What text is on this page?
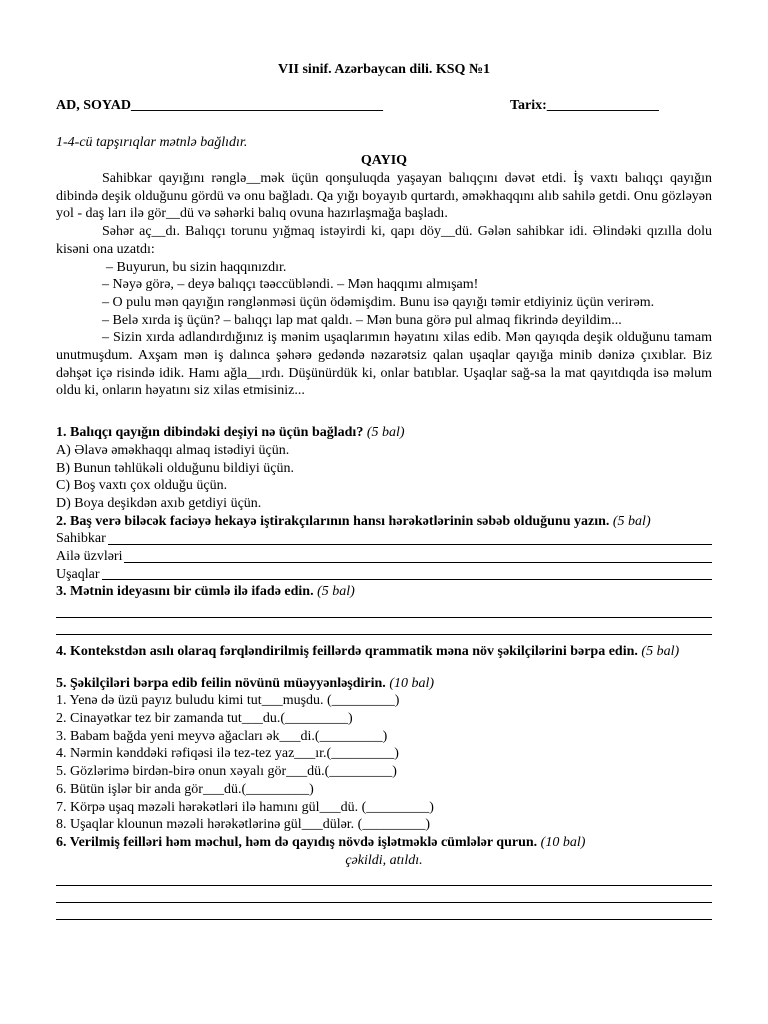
VII sinif. Azərbaycan dili. KSQ №1
AD, SOYAD____________________________________	Tarix:________________
1-4-cü tapşırıqlar mətnlə bağlıdır.
QAYIQ

Sahibkar qayığını rənglə__mək üçün qonşuluqda yaşayan balıqçını dəvət etdi. İş vaxtı balıqçı qayığın dibində deşik olduğunu gördü və onu bağladı. Qa yığı boyayıb qurtardı, əməkhaqqını alıb sahilə getdi. Onu gözləyən yol - daş ları ilə gör__dü və səhərki balıq ovuna hazırlaşmağa başladı.

Səhər aç__dı. Balıqçı torunu yığmaq istəyirdi ki, qapı döy__dü. Gələn sahibkar idi. Əlindəki qızılla dolu kisəni ona uzatdı:

– Buyurun, bu sizin haqqınızdır.

– Nəyə görə, – deyə balıqçı təəccübləndi. – Mən haqqımı almışam!

– O pulu mən qayığın rənglənməsi üçün ödəmişdim. Bunu isə qayığı təmir etdiyiniz üçün verirəm.

– Belə xırda iş üçün? – balıqçı lap mat qaldı. – Mən buna görə pul almaq fikrində deyildim...

– Sizin xırda adlandırdığınız iş mənim uşaqlarımın həyatını xilas edib. Mən qayıqda deşik olduğunu tamam unutmuşdum. Axşam mən iş dalınca şəhərə gedəndə nəzarətsiz qalan uşaqlar qayığa minib dənizə çıxıblar. Biz dəhşət içə risində idik. Hamı ağla__ırdı. Düşünürdük ki, onlar batıblar. Uşaqlar sağ-sa la mat qayıtdıqda isə məlum oldu ki, onların həyatını siz xilas etmisiniz...

1. Balıqçı qayığın dibindəki deşiyi nə üçün bağladı? (5 bal)
A) Əlavə əməkhaqqı almaq istədiyi üçün.
B) Bunun təhlükəli olduğunu bildiyi üçün.
C) Boş vaxtı çox olduğu üçün.
D) Boya deşikdən axıb getdiyi üçün.
2. Baş verə biləcək faciəyə hekayə iştirakçılarının hansı hərəkətlərinin səbəb olduğunu yazın. (5 bal)
Sahibkar
Ailə üzvləri
Uşaqlar
3. Mətnin ideyasını bir cümlə ilə ifadə edin. (5 bal)
4. Kontekstdən asılı olaraq fərqləndirilmiş feillərdə qrammatik məna növ şəkilçilərini bərpa edin. (5 bal)
5. Şəkilçiləri bərpa edib feilin növünü müəyyənləşdirin. (10 bal)
1. Yenə də üzü payız buludu kimi tut___muşdu. (_________)
2. Cinayətkar tez bir zamanda tut___du.(_________)
3. Babam bağda yeni meyvə ağacları ək___di.(_________)
4. Nərmin kənddəki rəfiqəsi ilə tez-tez yaz___ır.(_________)
5. Gözlərimə birdən-birə onun xəyalı gör___dü.(_________)
6. Bütün işlər bir anda gör___dü.(_________)
7. Körpə uşaq məzəli hərəkətləri ilə hamını gül___dü. (_________)
8. Uşaqlar klounun məzəli hərəkətlərinə gül___dülər. (_________)
6. Verilmiş feilləri həm məchul, həm də qayıdış növdə işlətməklə cümlələr qurun. (10 bal)
çəkildi, atıldı.
